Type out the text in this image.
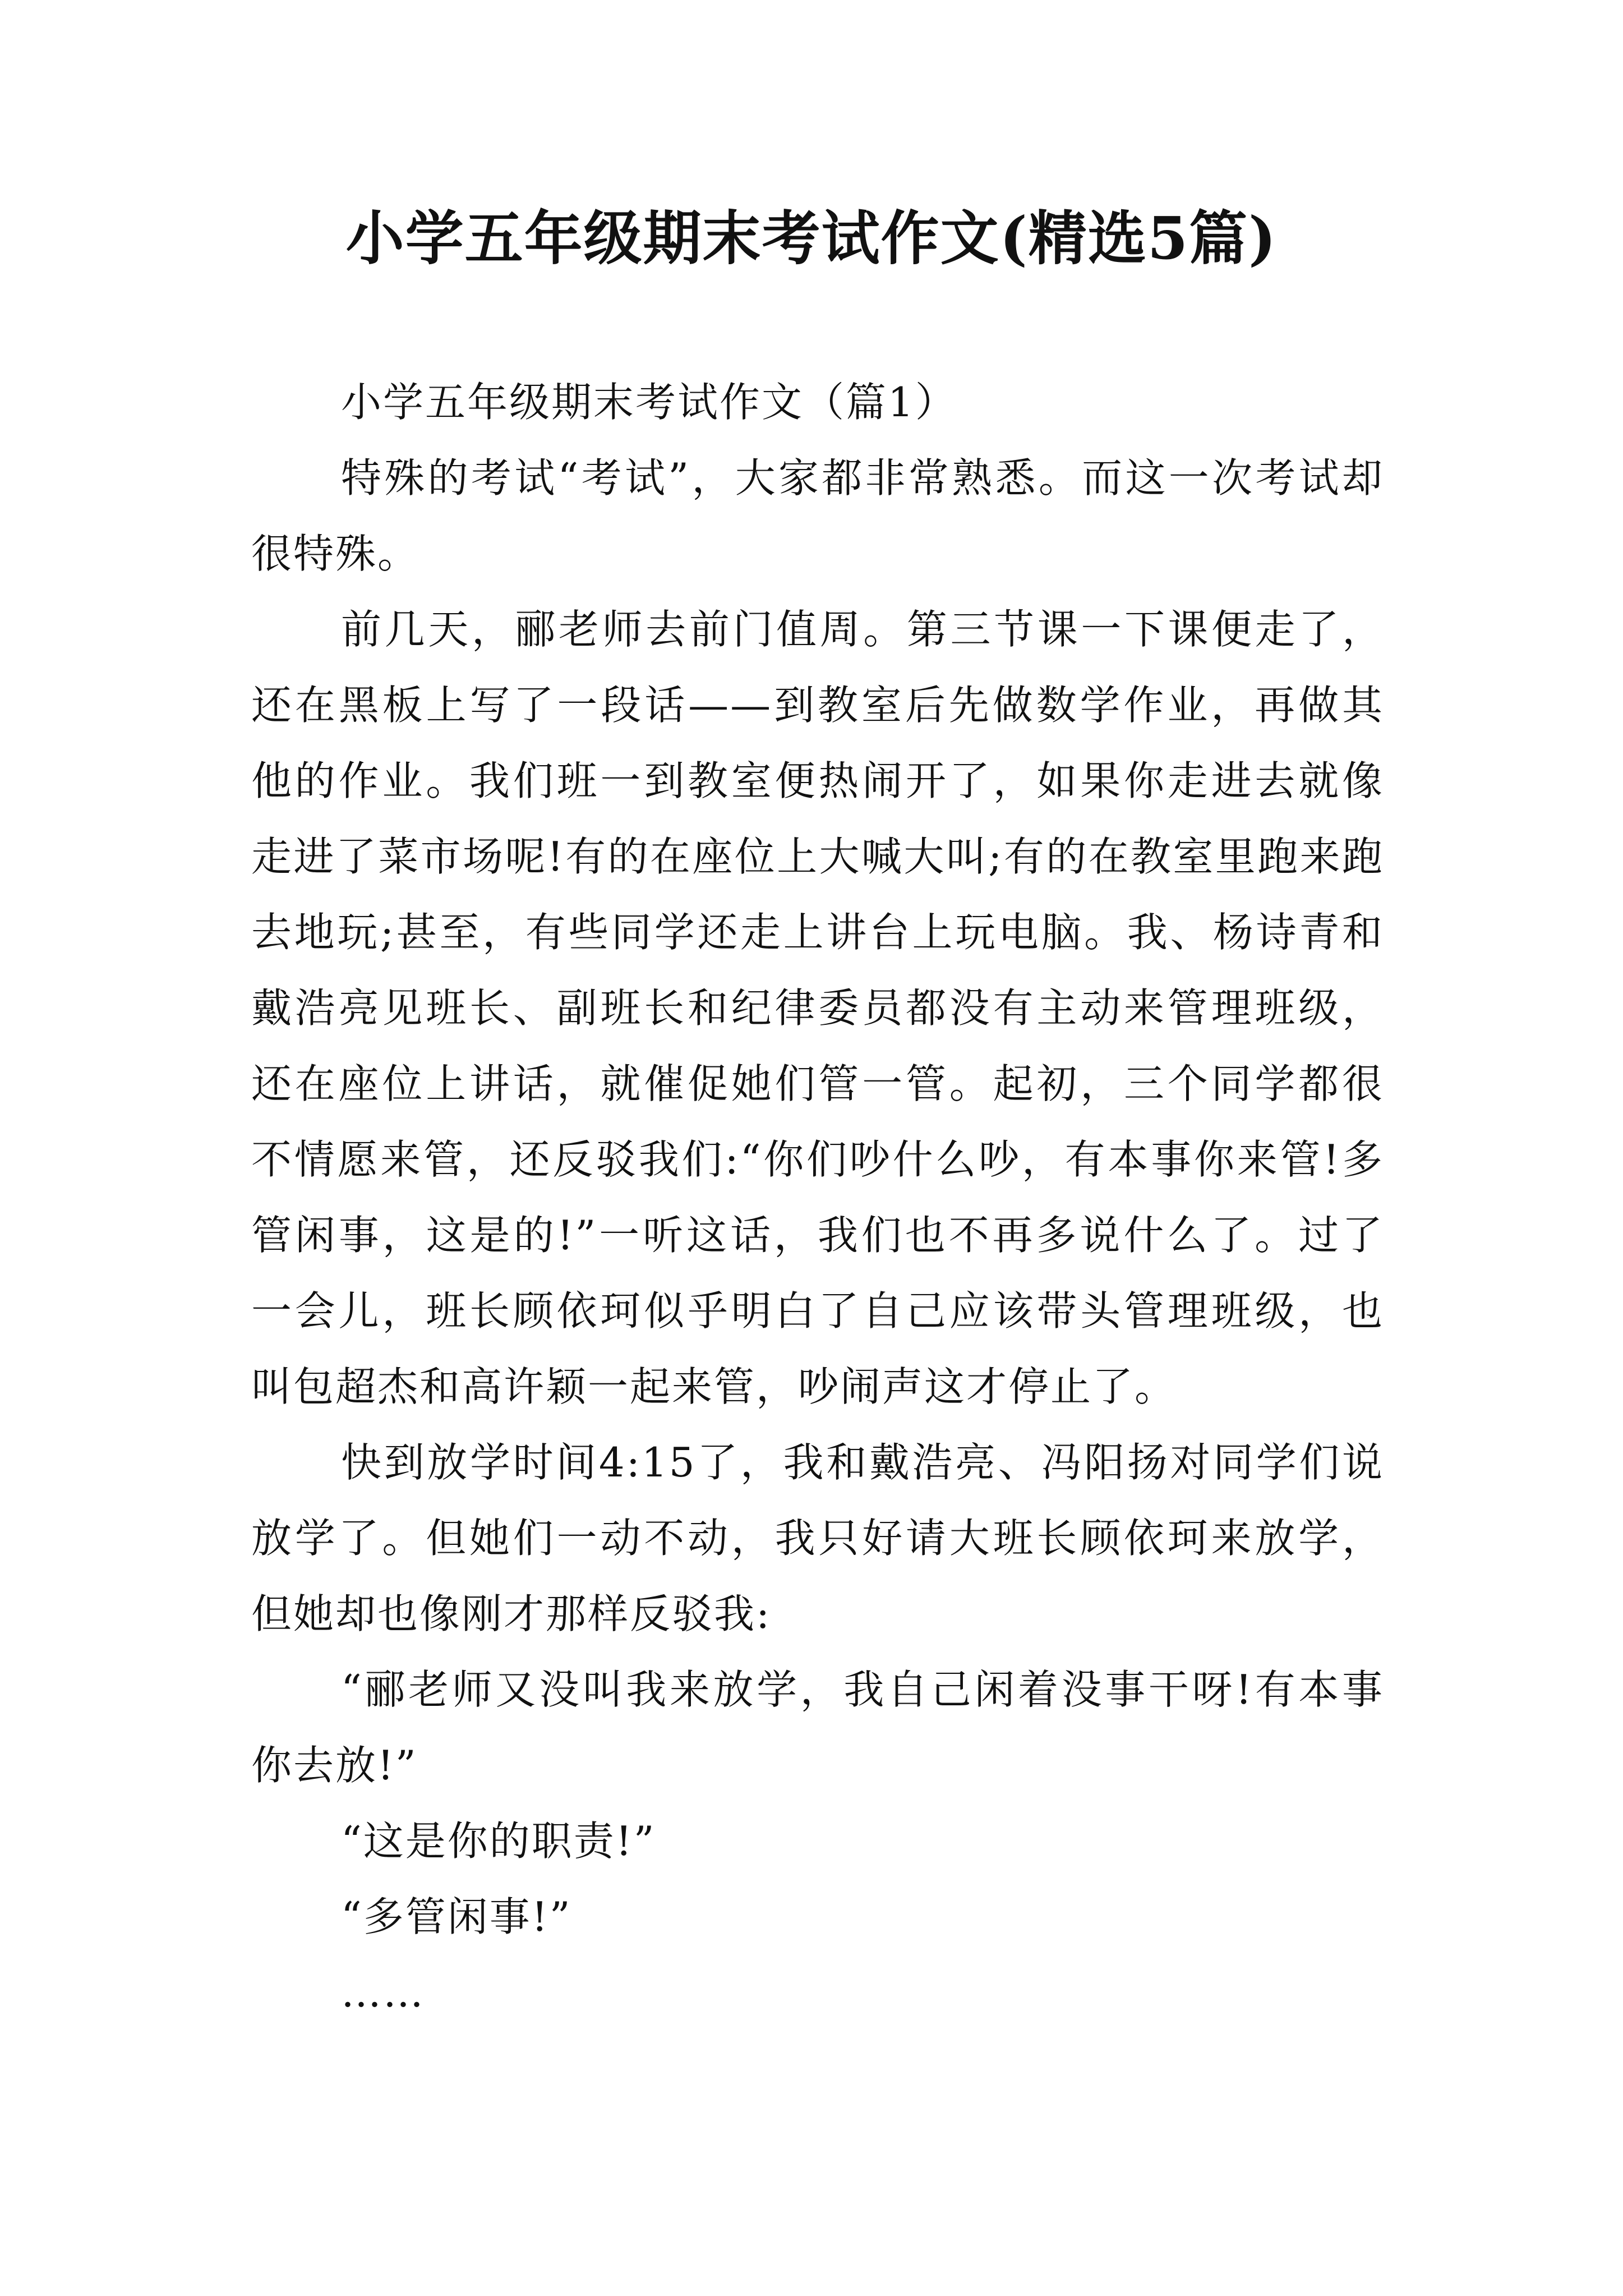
小学五年级期末考试作文(精选5篇)

小学五年级期末考试作文（篇1）

特殊的考试“考试”，大家都非常熟悉。而这一次考试却很特殊。

前几天，郦老师去前门值周。第三节课一下课便走了，还在黑板上写了一段话——到教室后先做数学作业，再做其他的作业。我们班一到教室便热闹开了，如果你走进去就像走进了菜市场呢!有的在座位上大喊大叫;有的在教室里跑来跑去地玩;甚至，有些同学还走上讲台上玩电脑。我、杨诗青和戴浩亮见班长、副班长和纪律委员都没有主动来管理班级，还在座位上讲话，就催促她们管一管。起初，三个同学都很不情愿来管，还反驳我们:“你们吵什么吵，有本事你来管!多管闲事，这是的!”一听这话，我们也不再多说什么了。过了一会儿，班长顾依珂似乎明白了自己应该带头管理班级，也叫包超杰和高许颖一起来管，吵闹声这才停止了。

快到放学时间4:15了，我和戴浩亮、冯阳扬对同学们说放学了。但她们一动不动，我只好请大班长顾依珂来放学，但她却也像刚才那样反驳我:

“郦老师又没叫我来放学，我自己闲着没事干呀!有本事你去放!”

“这是你的职责!”

“多管闲事!”

……
